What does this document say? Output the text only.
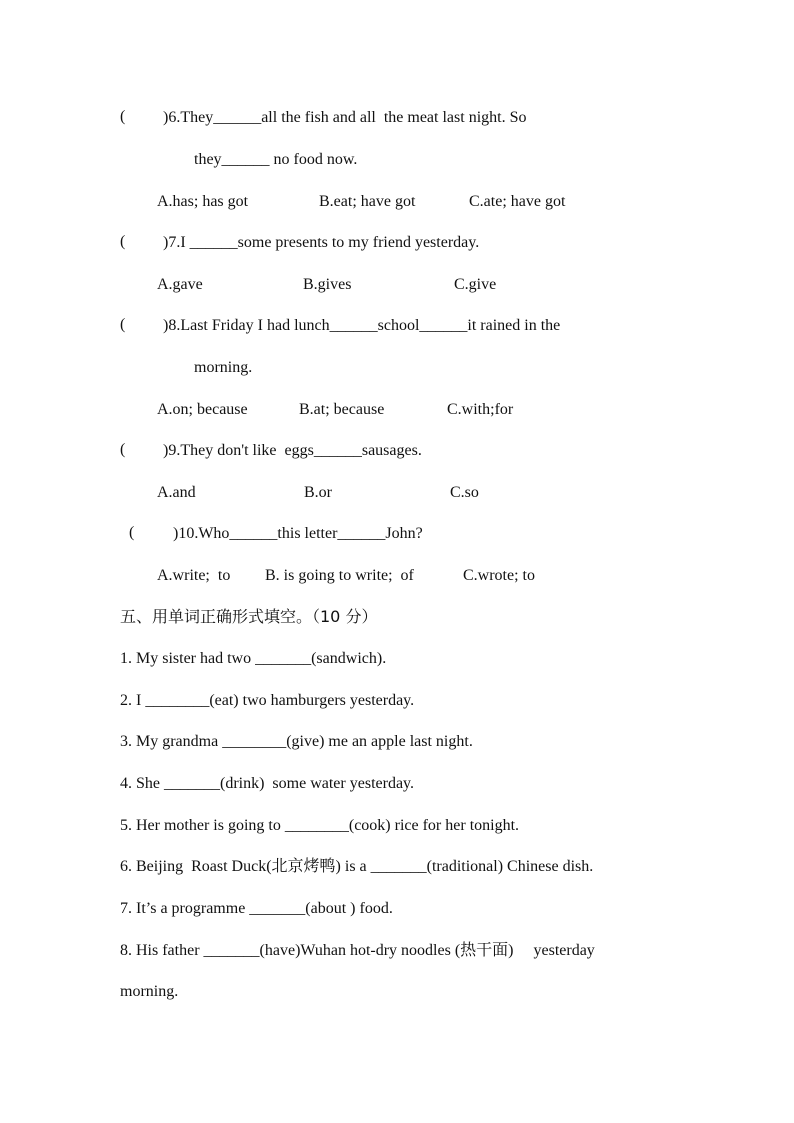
( )6.They______all the fish and all  the meat last night. So
they______ no food now.
A.has; has got	B.eat; have got	C.ate; have got
( )7.I ______some presents to my friend yesterday.
A.gave	B.gives	C.give
( )8.Last Friday I had lunch______school______it rained in the
morning.
A.on; because	B.at; because	C.with;for
( )9.They don't like  eggs______sausages.
A.and	B.or	C.so
( )10.Who______this letter______John?
A.write;  to B. is going to write;  of	C.wrote; to
五、用单词正确形式填空。（10 分）
1. My sister had two _______(sandwich).
2. I ________(eat) two hamburgers yesterday.
3. My grandma ________(give) me an apple last night.
4. She _______(drink)  some water yesterday.
5. Her mother is going to ________(cook) rice for her tonight.
6. Beijing  Roast Duck(北京烤鸭) is a _______(traditional) Chinese dish.
7. It’s a programme _______(about ) food.
8. His father _______(have)Wuhan hot-dry noodles (热干面)     yesterday
morning.
